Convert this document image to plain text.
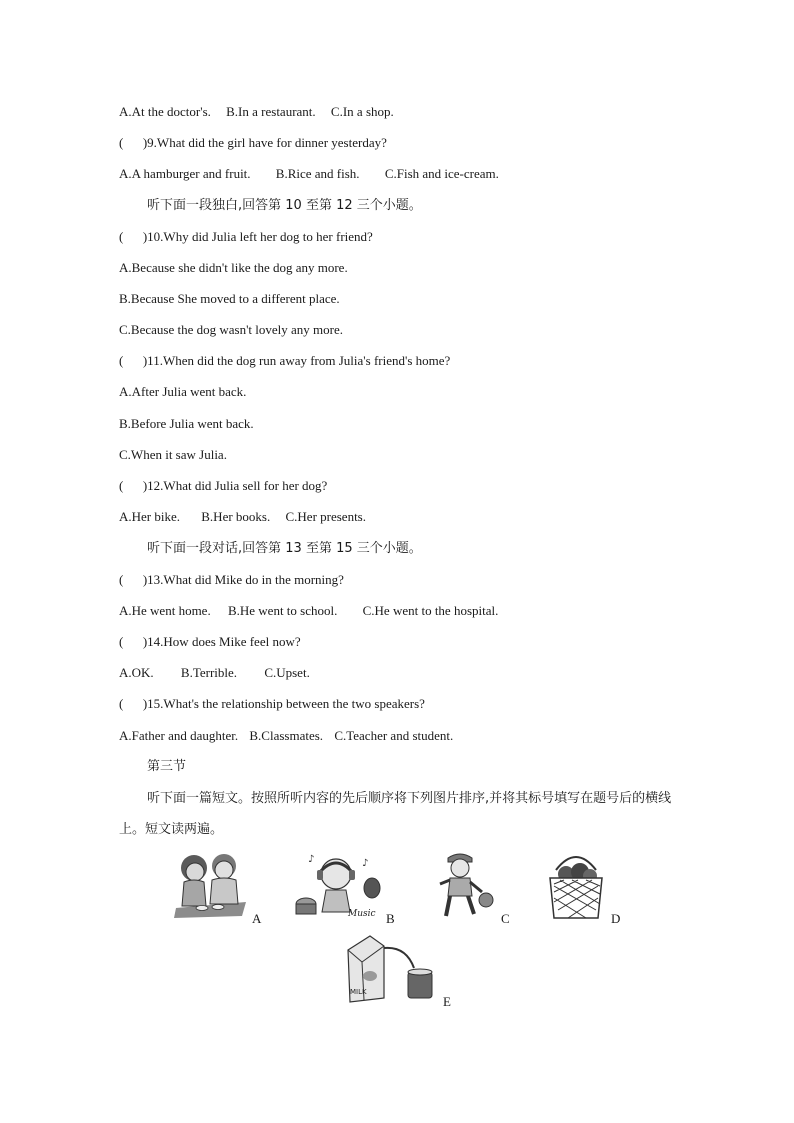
A.At the doctor's. B.In a restaurant. C.In a shop.
(      )9.What did the girl have for dinner yesterday?
A.A hamburger and fruit. B.Rice and fish. C.Fish and ice-cream.
听下面一段独白,回答第 10 至第 12 三个小题。
(      )10.Why did Julia left her dog to her friend?
A.Because she didn't like the dog any more.
B.Because She moved to a different place.
C.Because the dog wasn't lovely any more.
(      )11.When did the dog run away from Julia's friend's home?
A.After Julia went back.
B.Before Julia went back.
C.When it saw Julia.
(      )12.What did Julia sell for her dog?
A.Her bike. B.Her books. C.Her presents.
听下面一段对话,回答第 13 至第 15 三个小题。
(      )13.What did Mike do in the morning?
A.He went home. B.He went to school. C.He went to the hospital.
(      )14.How does Mike feel now?
A.OK. B.Terrible. C.Upset.
(      )15.What's the relationship between the two speakers?
A.Father and daughter. B.Classmates. C.Teacher and student.
第三节
听下面一篇短文。按照所听内容的先后顺序将下列图片排序,并将其标号填写在题号后的横线上。短文读两遍。
A
♪	♪
Music B	C	D
MILK
E
